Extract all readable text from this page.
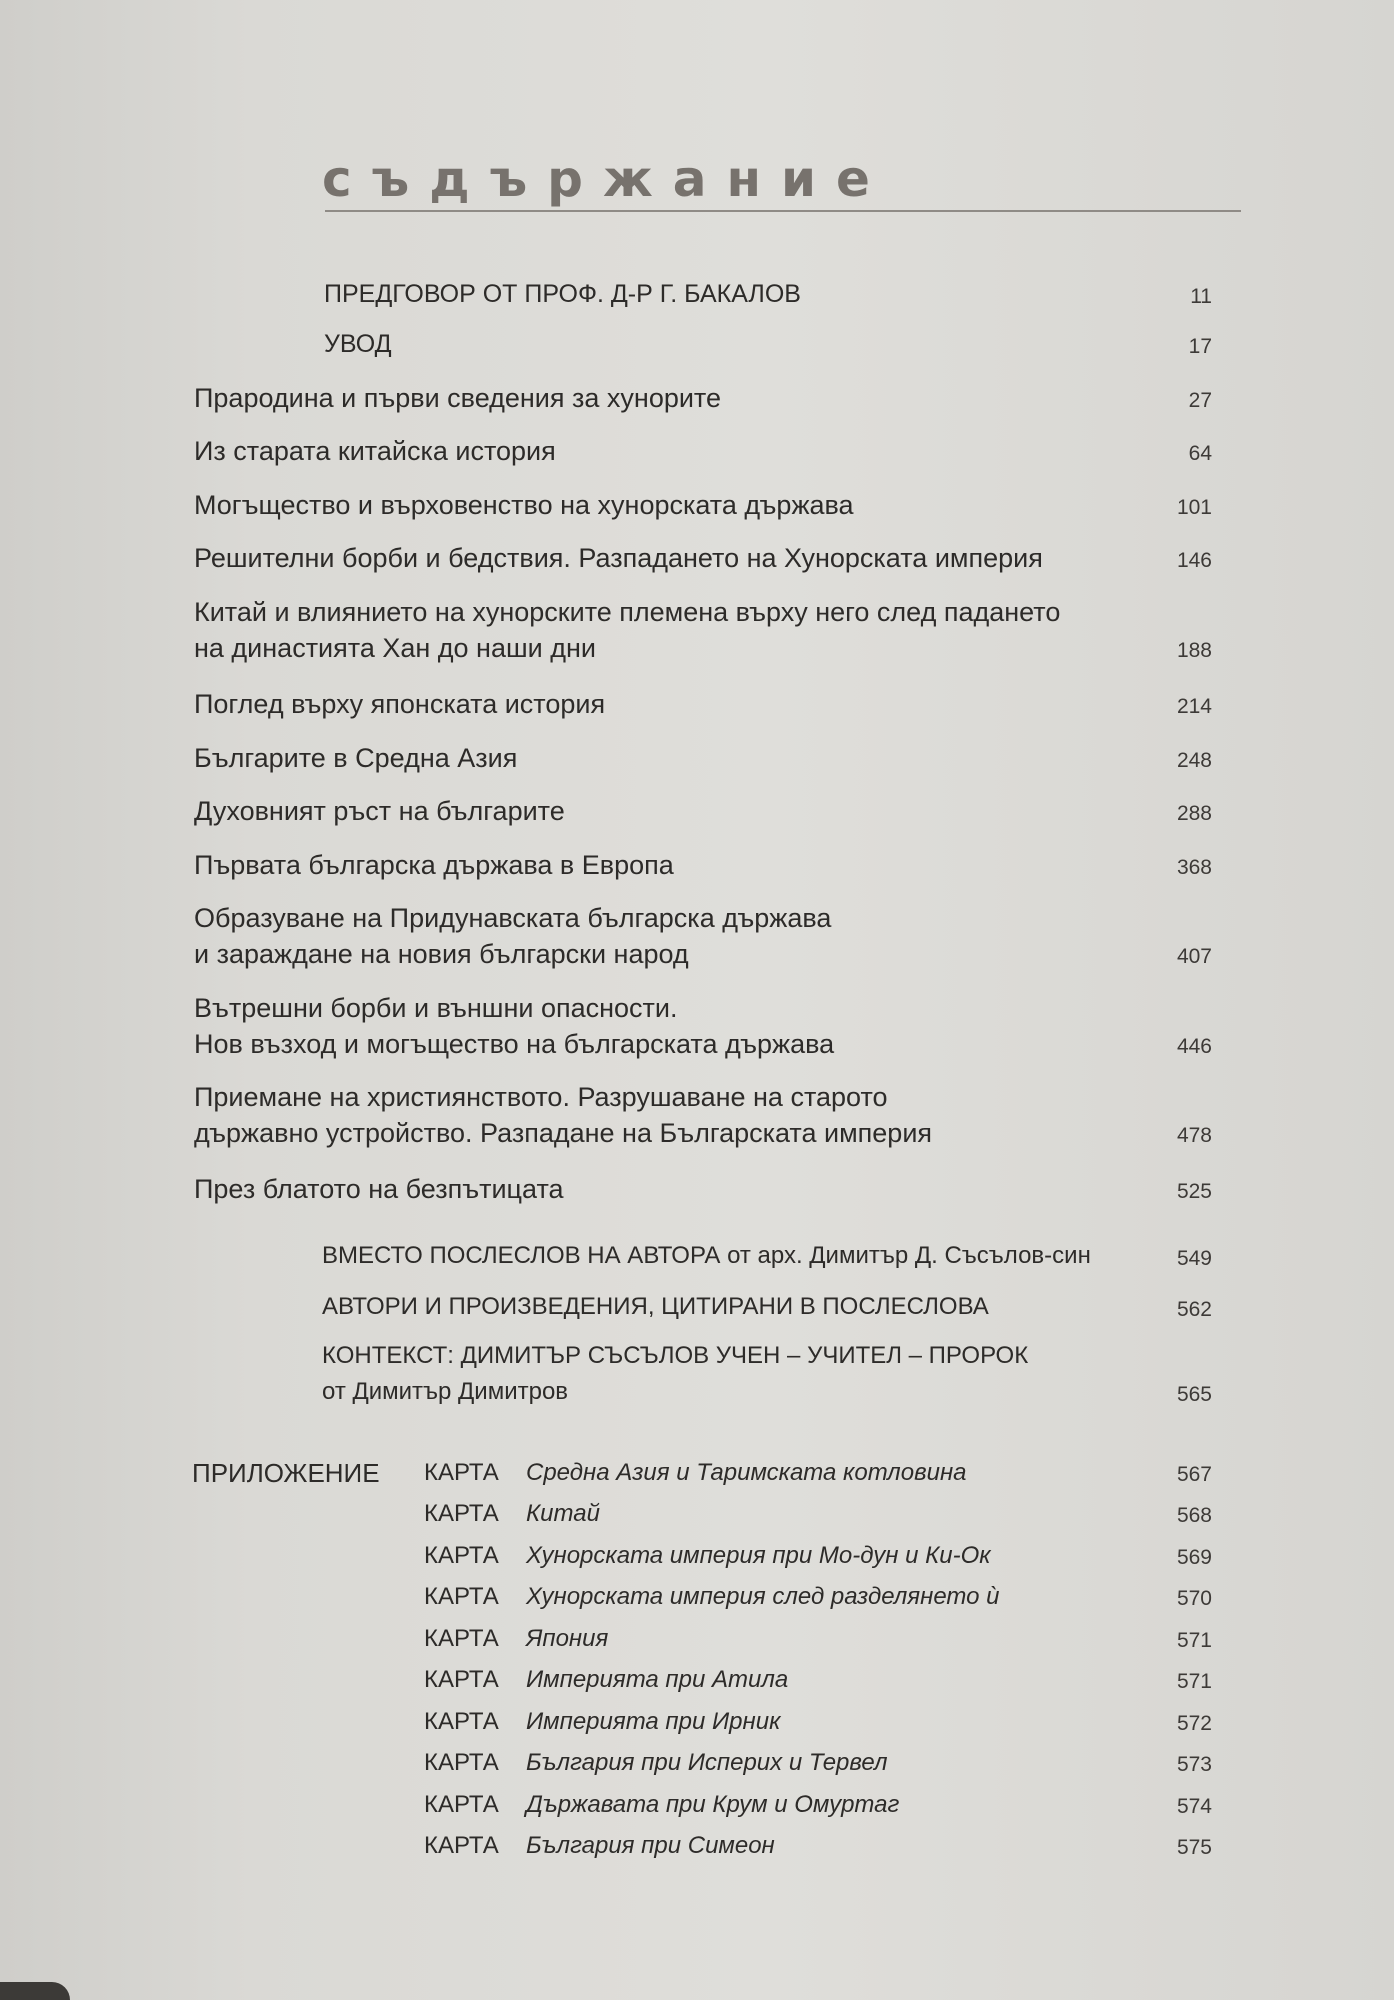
съдържание
ПРЕДГОВОР ОТ ПРОФ. Д-Р Г. БАКАЛОВ	11
УВОД	17
Прародина и първи сведения за хунорите	27
Из старата китайска история	64
Могъщество и върховенство на хунорската държава	101
Решителни борби и бедствия. Разпадането на Хунорската империя	146
Китай и влиянието на хунорските племена върху него след падането
на династията Хан до наши дни	188
Поглед върху японската история	214
Българите в Средна Азия	248
Духовният ръст на българите	288
Първата българска държава в Европа	368
Образуване на Придунавската българска държава
и зараждане на новия български народ	407
Вътрешни борби и външни опасности.
Нов възход и могъщество на българската държава	446
Приемане на християнството. Разрушаване на старото
държавно устройство. Разпадане на Българската империя	478
През блатото на безпътицата	525
ВМЕСТО ПОСЛЕСЛОВ НА АВТОРА от арх. Димитър Д. Съсълов-син	549
АВТОРИ И ПРОИЗВЕДЕНИЯ, ЦИТИРАНИ В ПОСЛЕСЛОВА	562
КОНТЕКСТ: ДИМИТЪР СЪСЪЛОВ УЧЕН – УЧИТЕЛ – ПРОРОК
от Димитър Димитров	565
ПРИЛОЖЕНИЕ КАРТА Средна Азия и Таримската котловина	567
КАРТА Китай	568
КАРТА Хунорската империя при Мо-дун и Ки-Ок	569
КАРТА Хунорската империя след разделянето ѝ	570
КАРТА Япония	571
КАРТА Империята при Атила	571
КАРТА Империята при Ирник	572
КАРТА България при Исперих и Тервел	573
КАРТА Държавата при Крум и Омуртаг	574
КАРТА България при Симеон	575
